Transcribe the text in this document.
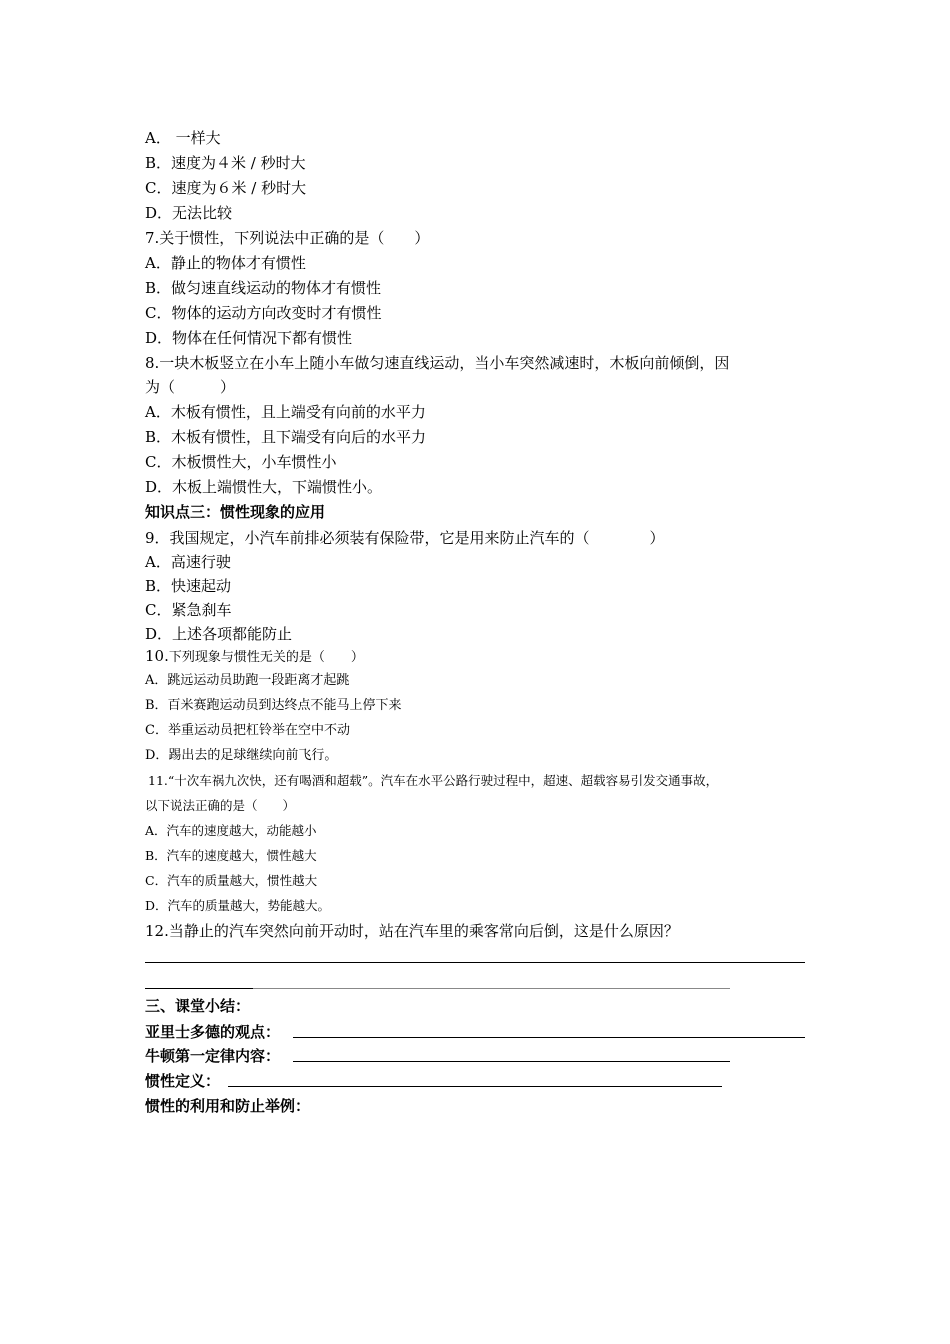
A． 一样大
B．速度为４米 / 秒时大
C．速度为６米 / 秒时大
D．无法比较
7.关于惯性，下列说法中正确的是（　　）
A．静止的物体才有惯性
B．做匀速直线运动的物体才有惯性
C．物体的运动方向改变时才有惯性
D．物体在任何情况下都有惯性
8.一块木板竖立在小车上随小车做匀速直线运动，当小车突然减速时，木板向前倾倒，因
为（　　　）
A．木板有惯性，且上端受有向前的水平力
B．木板有惯性，且下端受有向后的水平力
C．木板惯性大，小车惯性小
D．木板上端惯性大，下端惯性小。
知识点三：惯性现象的应用
9．我国规定，小汽车前排必须装有保险带，它是用来防止汽车的（　　　　）
A．高速行驶
B．快速起动
C．紧急刹车
D．上述各项都能防止
10.下列现象与惯性无关的是（　　）
A．跳远运动员助跑一段距离才起跳
B．百米赛跑运动员到达终点不能马上停下来
C．举重运动员把杠铃举在空中不动
D．踢出去的足球继续向前飞行。
11.“十次车祸九次快，还有喝酒和超载”。汽车在水平公路行驶过程中，超速、超载容易引发交通事故，
以下说法正确的是（　　）
A．汽车的速度越大，动能越小
B．汽车的速度越大，惯性越大
C．汽车的质量越大，惯性越大
D．汽车的质量越大，势能越大。
12.当静止的汽车突然向前开动时，站在汽车里的乘客常向后倒，这是什么原因？
三、课堂小结：
亚里士多德的观点：
牛顿第一定律内容：
惯性定义：
惯性的利用和防止举例：
